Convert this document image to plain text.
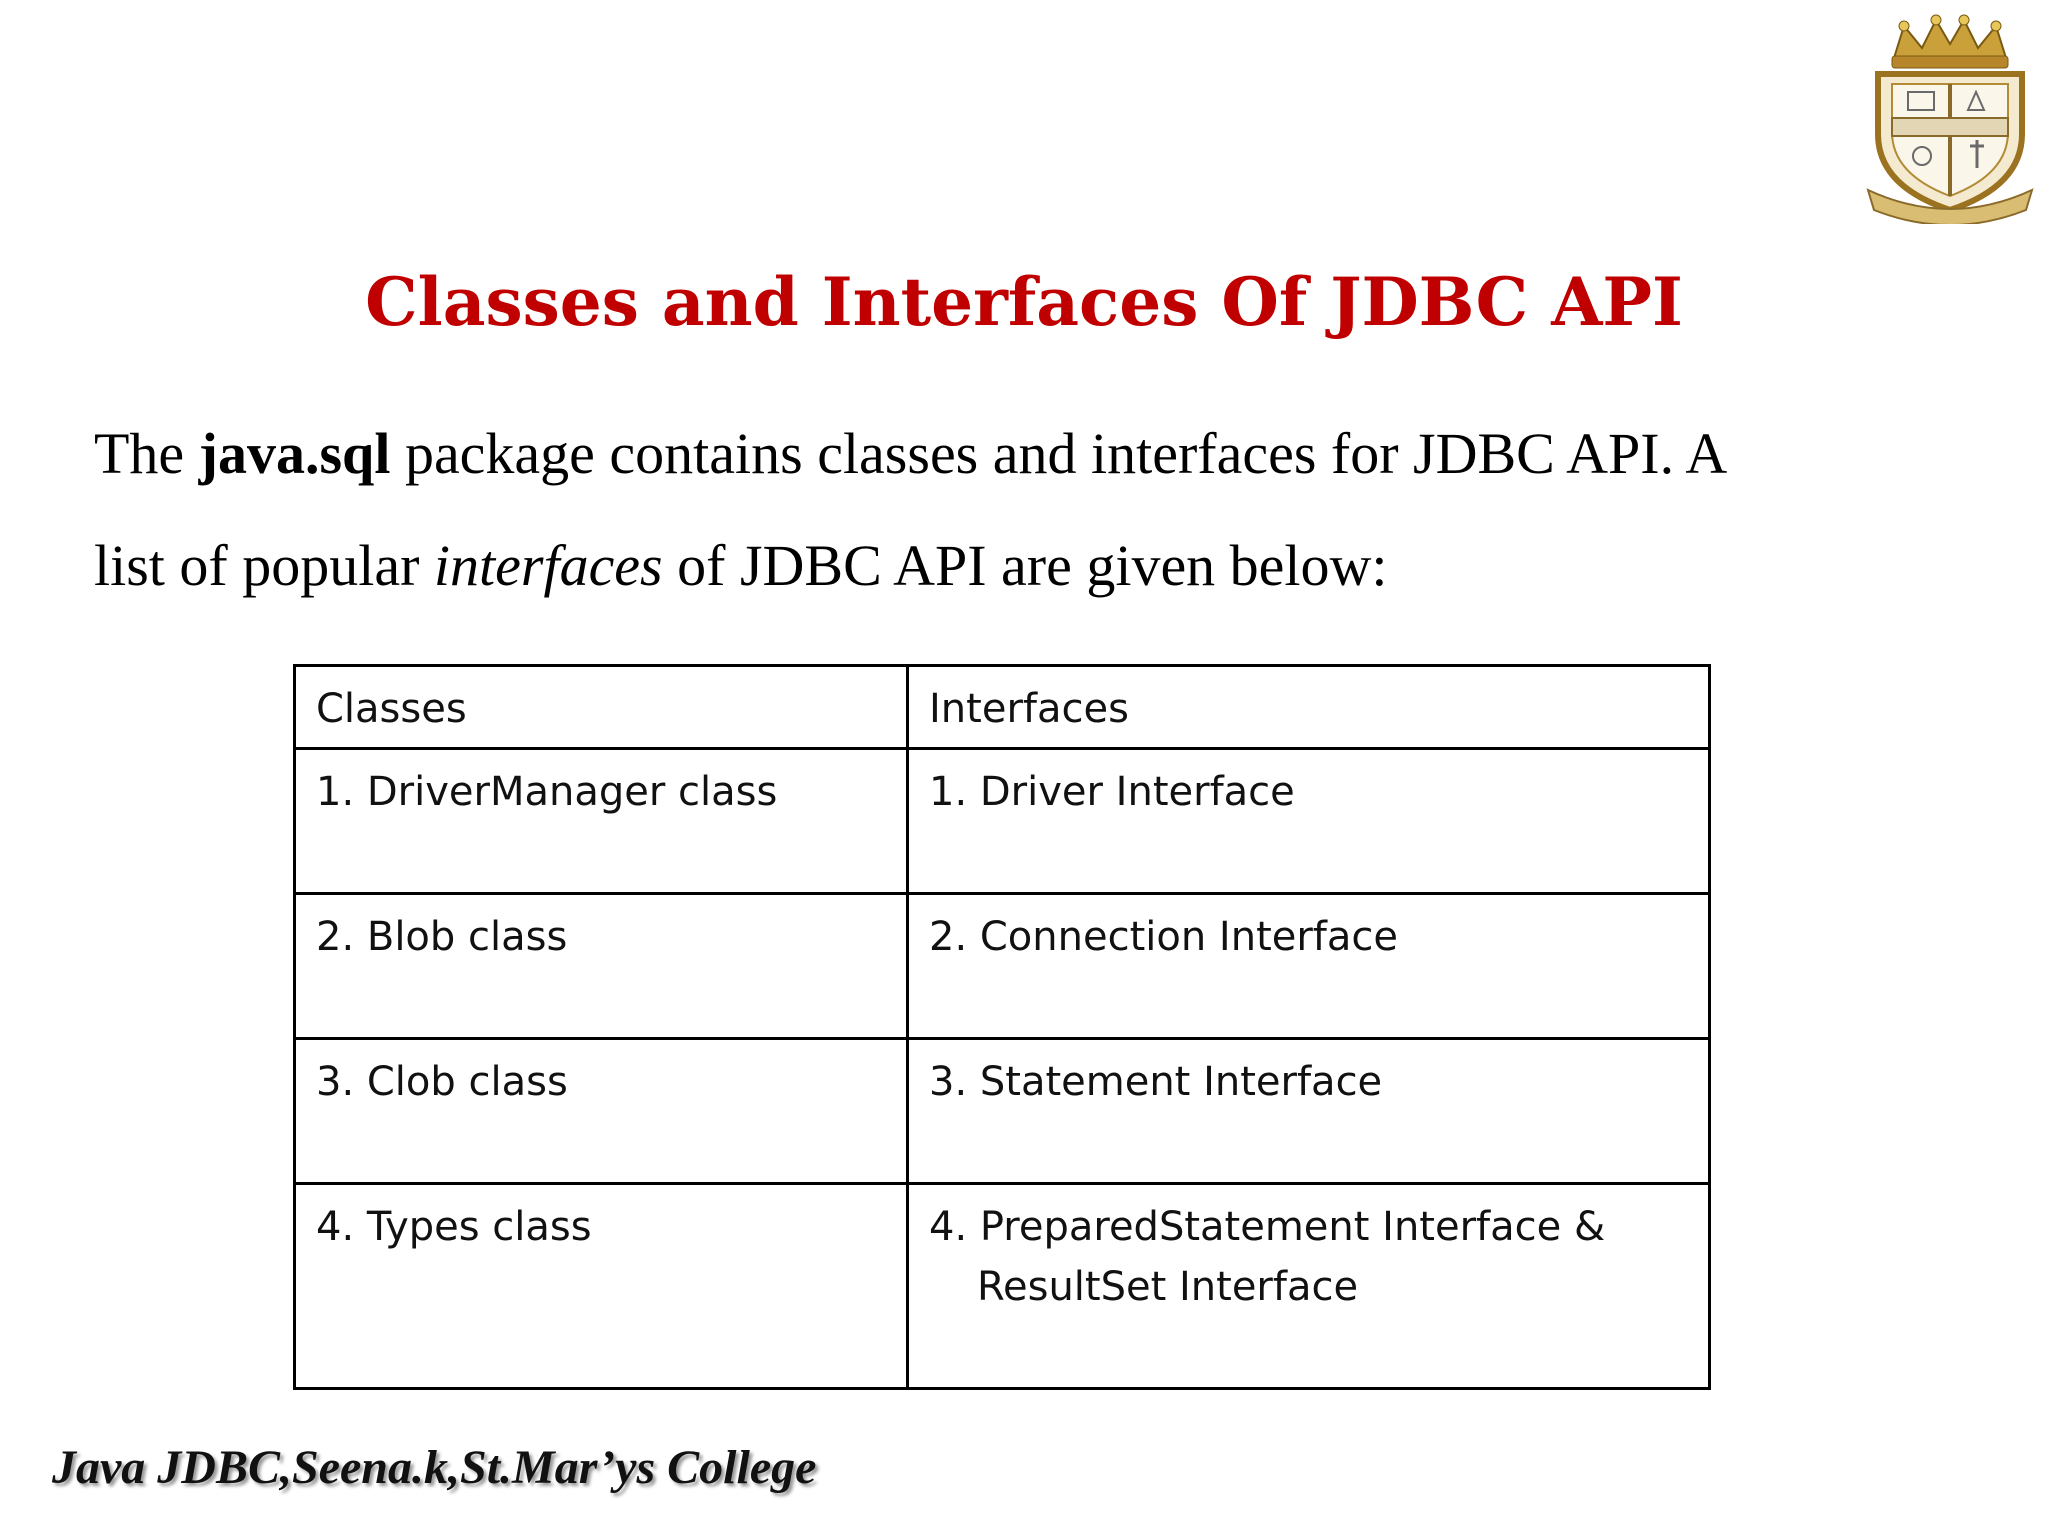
Classes and Interfaces Of JDBC API
The java.sql package contains classes and interfaces for JDBC API. A
list of popular interfaces of JDBC API are given below:
Classes	Interfaces
1. DriverManager class	1. Driver Interface
2. Blob class	2. Connection Interface
3. Clob class	3. Statement Interface
4. Types class	4. PreparedStatement Interface &
ResultSet Interface
Java JDBC,Seena.k,St.Mar’ys College
